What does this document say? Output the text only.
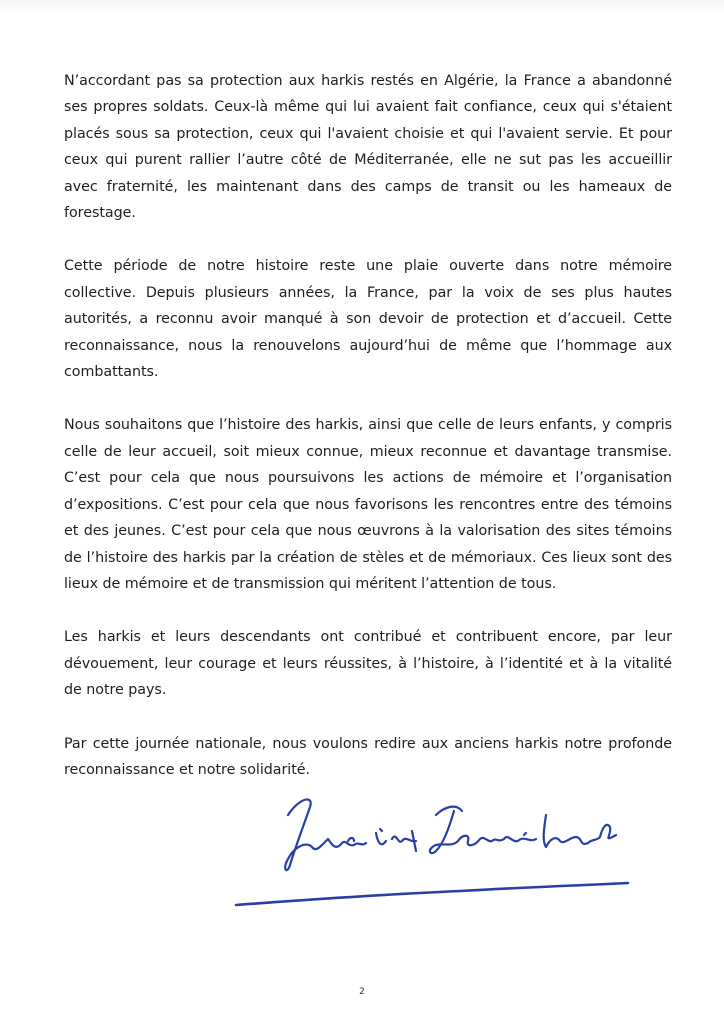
N’accordant pas sa protection aux harkis restés en Algérie, la France a abandonné ses propres soldats. Ceux-là même qui lui avaient fait confiance, ceux qui s'étaient placés sous sa protection, ceux qui l'avaient choisie et qui l'avaient servie. Et pour ceux qui purent rallier l’autre côté de Méditerranée, elle ne sut pas les accueillir avec fraternité, les maintenant dans des camps de transit ou les hameaux de forestage.

Cette période de notre histoire reste une plaie ouverte dans notre mémoire collective. Depuis plusieurs années, la France, par la voix de ses plus hautes autorités, a reconnu avoir manqué à son devoir de protection et d’accueil. Cette reconnaissance, nous la renouvelons aujourd’hui de même que l’hommage aux combattants.

Nous souhaitons que l’histoire des harkis, ainsi que celle de leurs enfants, y compris celle de leur accueil, soit mieux connue, mieux reconnue et davantage transmise. C’est pour cela que nous poursuivons les actions de mémoire et l’organisation d’expositions. C’est pour cela que nous favorisons les rencontres entre des témoins et des jeunes. C’est pour cela que nous œuvrons à la valorisation des sites témoins de l’histoire des harkis par la création de stèles et de mémoriaux. Ces lieux sont des lieux de mémoire et de transmission qui méritent l’attention de tous.

Les harkis et leurs descendants ont contribué et contribuent encore, par leur dévouement, leur courage et leurs réussites, à l’histoire, à l’identité et à la vitalité de notre pays.

Par cette journée nationale, nous voulons redire aux anciens harkis notre profonde reconnaissance et notre solidarité.

2
